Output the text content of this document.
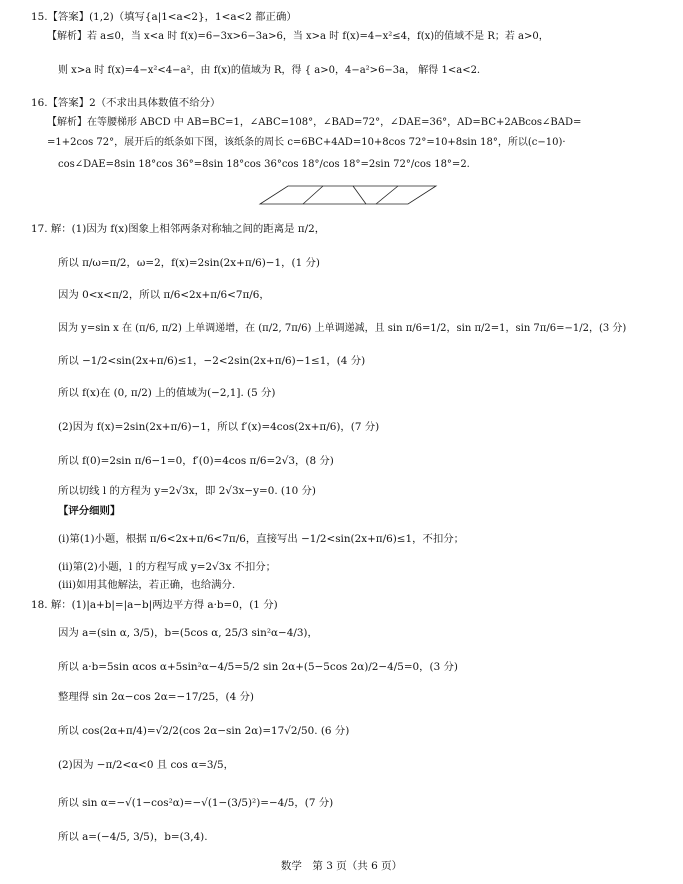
15.【答案】(1,2)（填写{a|1<a<2}，1<a<2 都正确）
【解析】若 a≤0，当 x<a 时 f(x)=6−3x>6−3a>6，当 x>a 时 f(x)=4−x²≤4，f(x)的值域不是 R；若 a>0，
则 x>a 时 f(x)=4−x²<4−a²，由 f(x)的值域为 R，得 { a>0，4−a²>6−3a， 解得 1<a<2.
16.【答案】2（不求出具体数值不给分）
【解析】在等腰梯形 ABCD 中 AB=BC=1，∠ABC=108°，∠BAD=72°，∠DAE=36°，AD=BC+2ABcos∠BAD=
=1+2cos 72°，展开后的纸条如下图，该纸条的周长 c=6BC+4AD=10+8cos 72°=10+8sin 18°，所以(c−10)·
cos∠DAE=8sin 18°cos 36°=8sin 18°cos 36°cos 18°/cos 18°=2sin 72°/cos 18°=2.
17. 解：(1)因为 f(x)图象上相邻两条对称轴之间的距离是 π/2，
所以 π/ω=π/2，ω=2，f(x)=2sin(2x+π/6)−1，(1 分)
因为 0<x<π/2，所以 π/6<2x+π/6<7π/6，
因为 y=sin x 在 (π/6, π/2) 上单调递增，在 (π/2, 7π/6) 上单调递减，且 sin π/6=1/2，sin π/2=1，sin 7π/6=−1/2，(3 分)
所以 −1/2<sin(2x+π/6)≤1，−2<2sin(2x+π/6)−1≤1，(4 分)
所以 f(x)在 (0, π/2) 上的值域为(−2,1]. (5 分)
(2)因为 f(x)=2sin(2x+π/6)−1，所以 f′(x)=4cos(2x+π/6)，(7 分)
所以 f(0)=2sin π/6−1=0，f′(0)=4cos π/6=2√3，(8 分)
所以切线 l 的方程为 y=2√3x，即 2√3x−y=0. (10 分)
【评分细则】
(i)第(1)小题，根据 π/6<2x+π/6<7π/6，直接写出 −1/2<sin(2x+π/6)≤1，不扣分；
(ii)第(2)小题，l 的方程写成 y=2√3x 不扣分；
(iii)如用其他解法，若正确，也给满分.
18. 解：(1)|a+b|=|a−b|两边平方得 a·b=0，(1 分)
因为 a=(sin α, 3/5)，b=(5cos α, 25/3 sin²α−4/3)，
所以 a·b=5sin αcos α+5sin²α−4/5=5/2 sin 2α+(5−5cos 2α)/2−4/5=0，(3 分)
整理得 sin 2α−cos 2α=−17/25，(4 分)
所以 cos(2α+π/4)=√2/2(cos 2α−sin 2α)=17√2/50. (6 分)
(2)因为 −π/2<α<0 且 cos α=3/5，
所以 sin α=−√(1−cos²α)=−√(1−(3/5)²)=−4/5，(7 分)
所以 a=(−4/5, 3/5)，b=(3,4).
数学　第 3 页（共 6 页）
